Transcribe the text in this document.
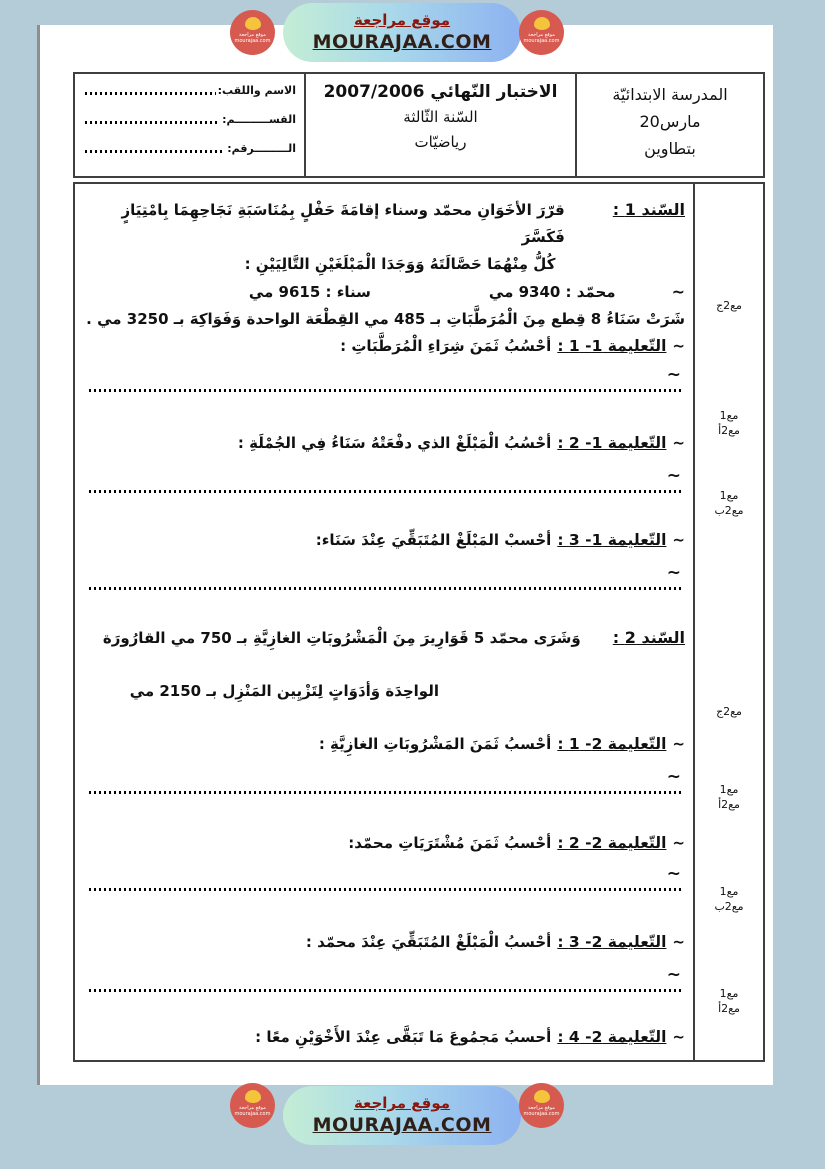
الاسم واللقب:
القســـــــــم:
الـــــــــرقم:
الاختبار النّهائي 2007/2006
السّنة الثّالثة
رياضيّات
المدرسة الابتدائيّة
مارس20
بتطاوين
السّند 1 :
قرّرَ الأخَوَانِ محمّد وسناء إقامَةَ حَفْلٍ بِمُنَاسَبَةِ نَجَاحِهِمَا بِامْتِيَازٍ فَكَسَّرَ
كُلُّ مِنْهُمَا حَصَّالَتَهُ وَوَجَدَا الْمَبْلَغَيْنِ التَّالِيَيْنِ :
~
محمّد : 9340 مي
سناء : 9615 مي
شَرَتْ سَنَاءُ 8 قِطع مِنَ الْمُرَطَّبَاتِ بـ 485 مي القِطْعَة الواحدة وَفَوَاكِهَ بـ 3250 مي .
~
التّعليمة 1- 1 :
أحْسُبُ ثَمَنَ شِرَاءِ الْمُرَطَّبَاتِ :
~
~
التّعليمة 1- 2 :
أحْسُبُ الْمَبْلَغْ الذي دفْعَتْهُ سَنَاءُ فِي الجُمْلَةِ :
~
~
التّعليمة 1- 3 :
أحْسبْ المَبْلَغْ المُتَبَقِّيَ عِنْدَ سَنَاء:
~
السّند 2 :
وَشَرَى محمّد 5 قَوَارِيرَ مِنَ الْمَشْرُوبَاتِ الغازِيَّةِ بـ 750 مي القارُورَة
الواحِدَة وَأدَوَاتٍ لِتَزْيِين المَنْزِل بـ 2150 مي
~
التّعليمة 2- 1 :
أحْسبُ ثَمَنَ المَشْرُوبَاتِ الغازِيَّةِ :
~
~
التّعليمة 2- 2 :
أحْسبُ ثَمَنَ مُشْتَرَيَاتِ محمّد:
~
~
التّعليمة 2- 3 :
أحْسبُ الْمَبْلَغْ المُتَبَقِّيَ عِنْدَ محمّد :
~
~
التّعليمة 2- 4 :
أحسبُ مَجمُوعَ مَا تَبَقَّى عِنْدَ الأَخْوَيْنِ معًا :
مع2ج
مع1
مع2أ
مع1
مع2ب
مع2ج
مع1
مع2أ
مع1
مع2ب
مع1
مع2أ
موقع مراجعة
MOURAJAA.COM
موقع مراجعة
mourajaa.com
موقع مراجعة
mourajaa.com
موقع مراجعة
MOURAJAA.COM
موقع مراجعة
mourajaa.com
موقع مراجعة
mourajaa.com
